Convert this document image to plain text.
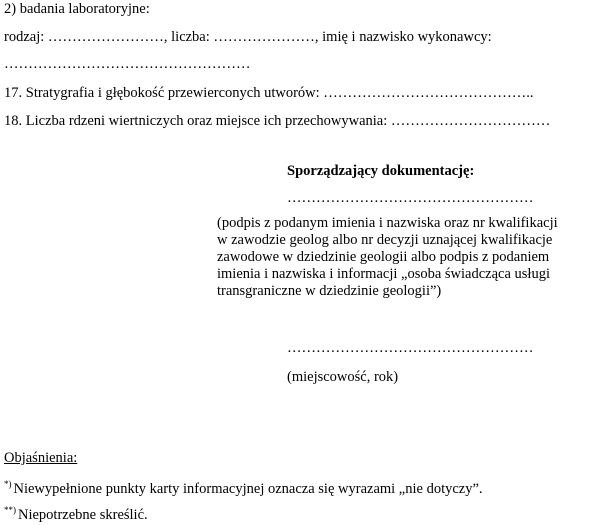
2) badania laboratoryjne:
rodzaj: ……………………, liczba: …………………, imię i nazwisko wykonawcy:
……………………………………………
17. Stratygrafia i głębokość przewierconych utworów: ……………………………………..
18. Liczba rdzeni wiertniczych oraz miejsce ich przechowywania: ……………………………
Sporządzający dokumentację:
……………………………………………
(podpis z podanym imienia i nazwiska oraz nr kwalifikacji
w zawodzie geolog albo nr decyzji uznającej kwalifikacje
zawodowe w dziedzinie geologii albo podpis z podaniem
imienia i nazwiska i informacji „osoba świadcząca usługi
transgraniczne w dziedzinie geologii”)
……………………………………………
(miejscowość, rok)
Objaśnienia:
*) Niewypełnione punkty karty informacyjnej oznacza się wyrazami „nie dotyczy”.
**) Niepotrzebne skreślić.
